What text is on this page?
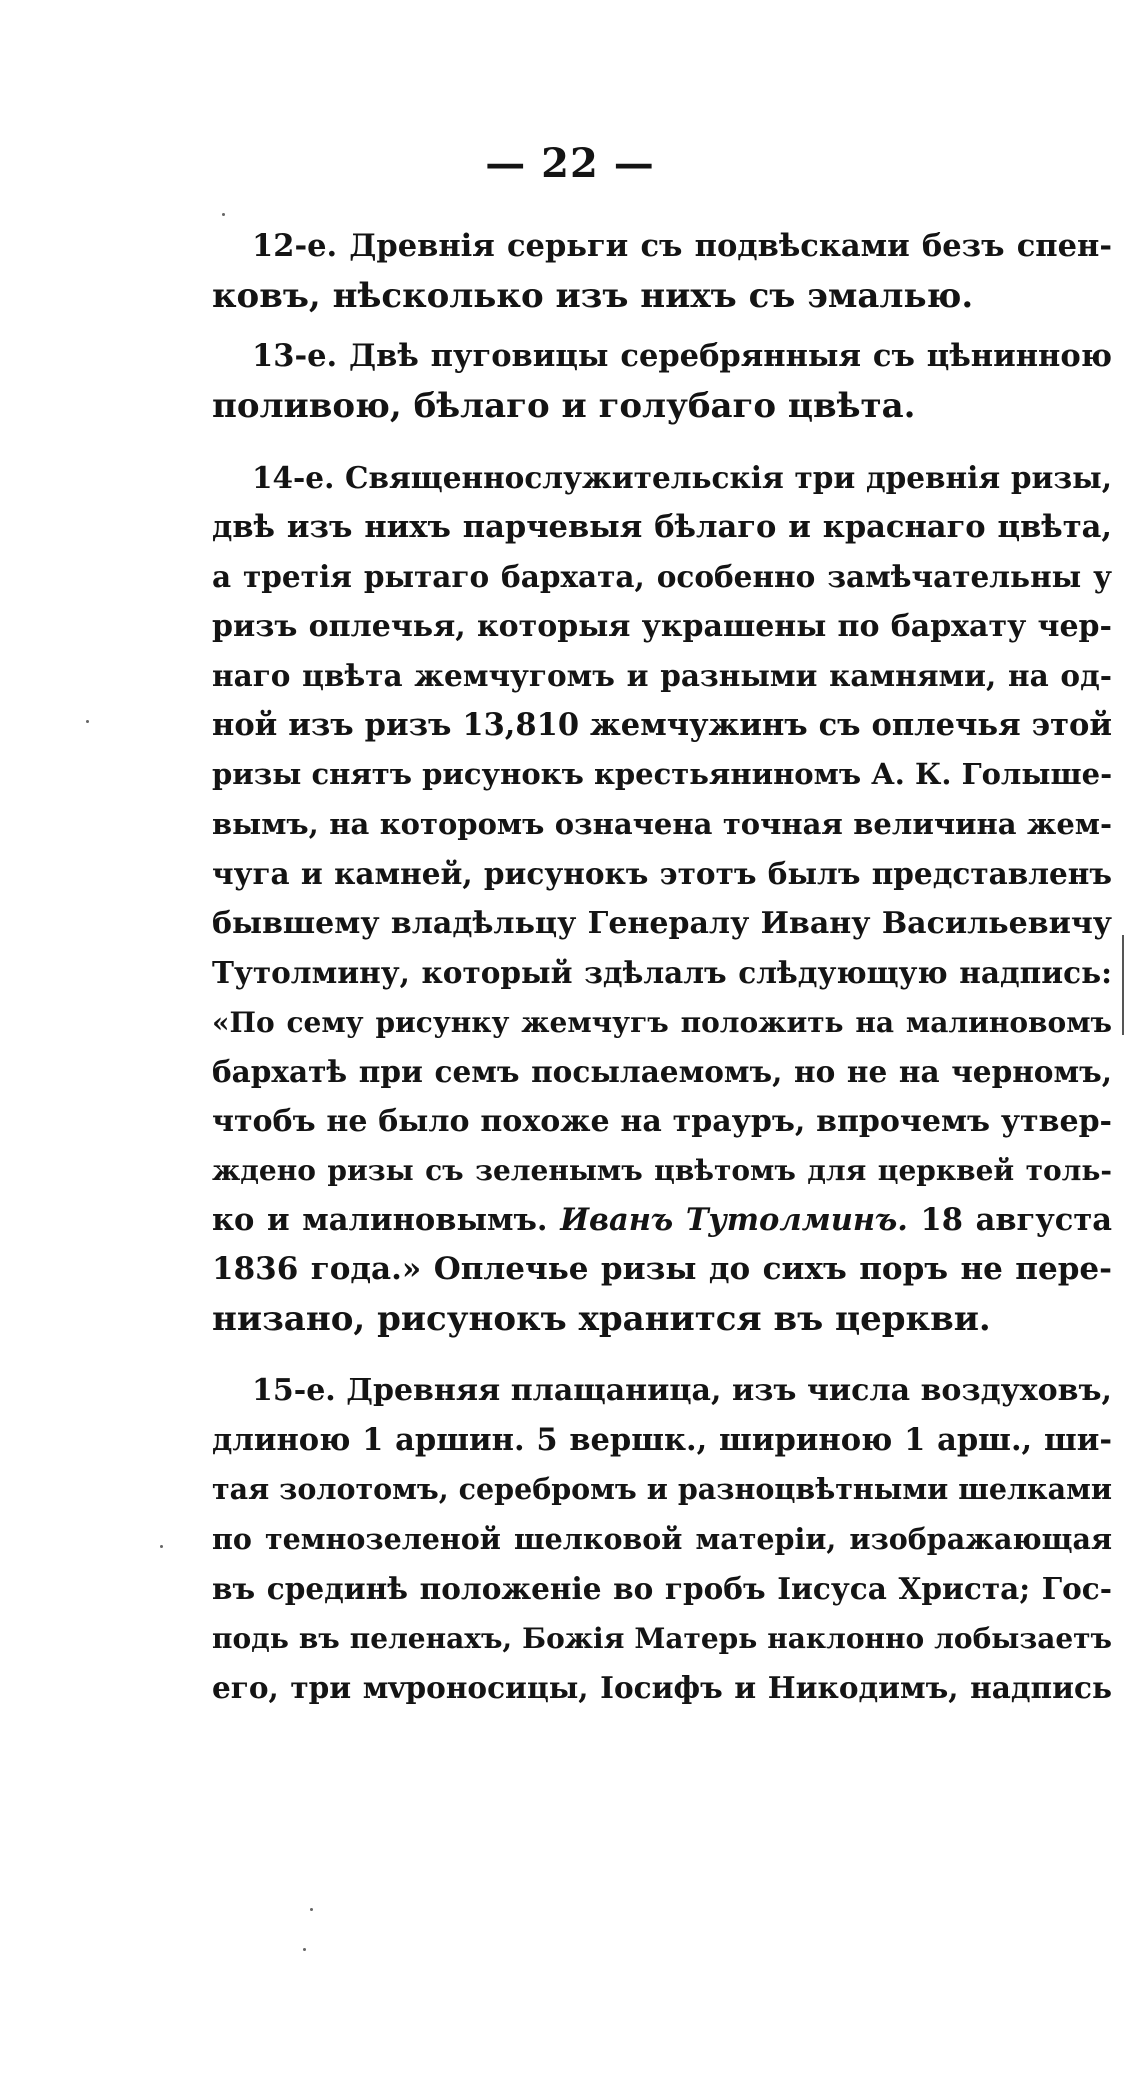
— 22 —
12-е. Древнія серьги съ подвѣсками безъ спен-
ковъ, нѣсколько изъ нихъ съ эмалью.
13-е. Двѣ пуговицы серебрянныя съ цѣнинною
поливою, бѣлаго и голубаго цвѣта.
14-е. Священнослужительскія три древнія ризы,
двѣ изъ нихъ парчевыя бѣлаго и краснаго цвѣта,
а третія рытаго бархата, особенно замѣчательны у
ризъ оплечья, которыя украшены по бархату чер-
наго цвѣта жемчугомъ и разными камнями, на од-
ной изъ ризъ 13,810 жемчужинъ съ оплечья этой
ризы снятъ рисунокъ крестьяниномъ А. К. Голыше-
вымъ, на которомъ означена точная величина жем-
чуга и камней, рисунокъ этотъ былъ представленъ
бывшему владѣльцу Генералу Ивану Васильевичу
Тутолмину, который здѣлалъ слѣдующую надпись:
«По сему рисунку жемчугъ положить на малиновомъ
бархатѣ при семъ посылаемомъ, но не на черномъ,
чтобъ не было похоже на трауръ, впрочемъ утвер-
ждено ризы съ зеленымъ цвѣтомъ для церквей толь-
ко и малиновымъ. Иванъ Тутолминъ. 18 августа
1836 года.» Оплечье ризы до сихъ поръ не пере-
низано, рисунокъ хранится въ церкви.
15-е. Древняя плащаница, изъ числа воздуховъ,
длиною 1 аршин. 5 вершк., шириною 1 арш., ши-
тая золотомъ, серебромъ и разноцвѣтными шелками
по темнозеленой шелковой матеріи, изображающая
въ срединѣ положеніе во гробъ Іисуса Христа; Гос-
подь въ пеленахъ, Божія Матерь наклонно лобызаетъ
его, три мvроносицы, Іосифъ и Никодимъ, надпись
